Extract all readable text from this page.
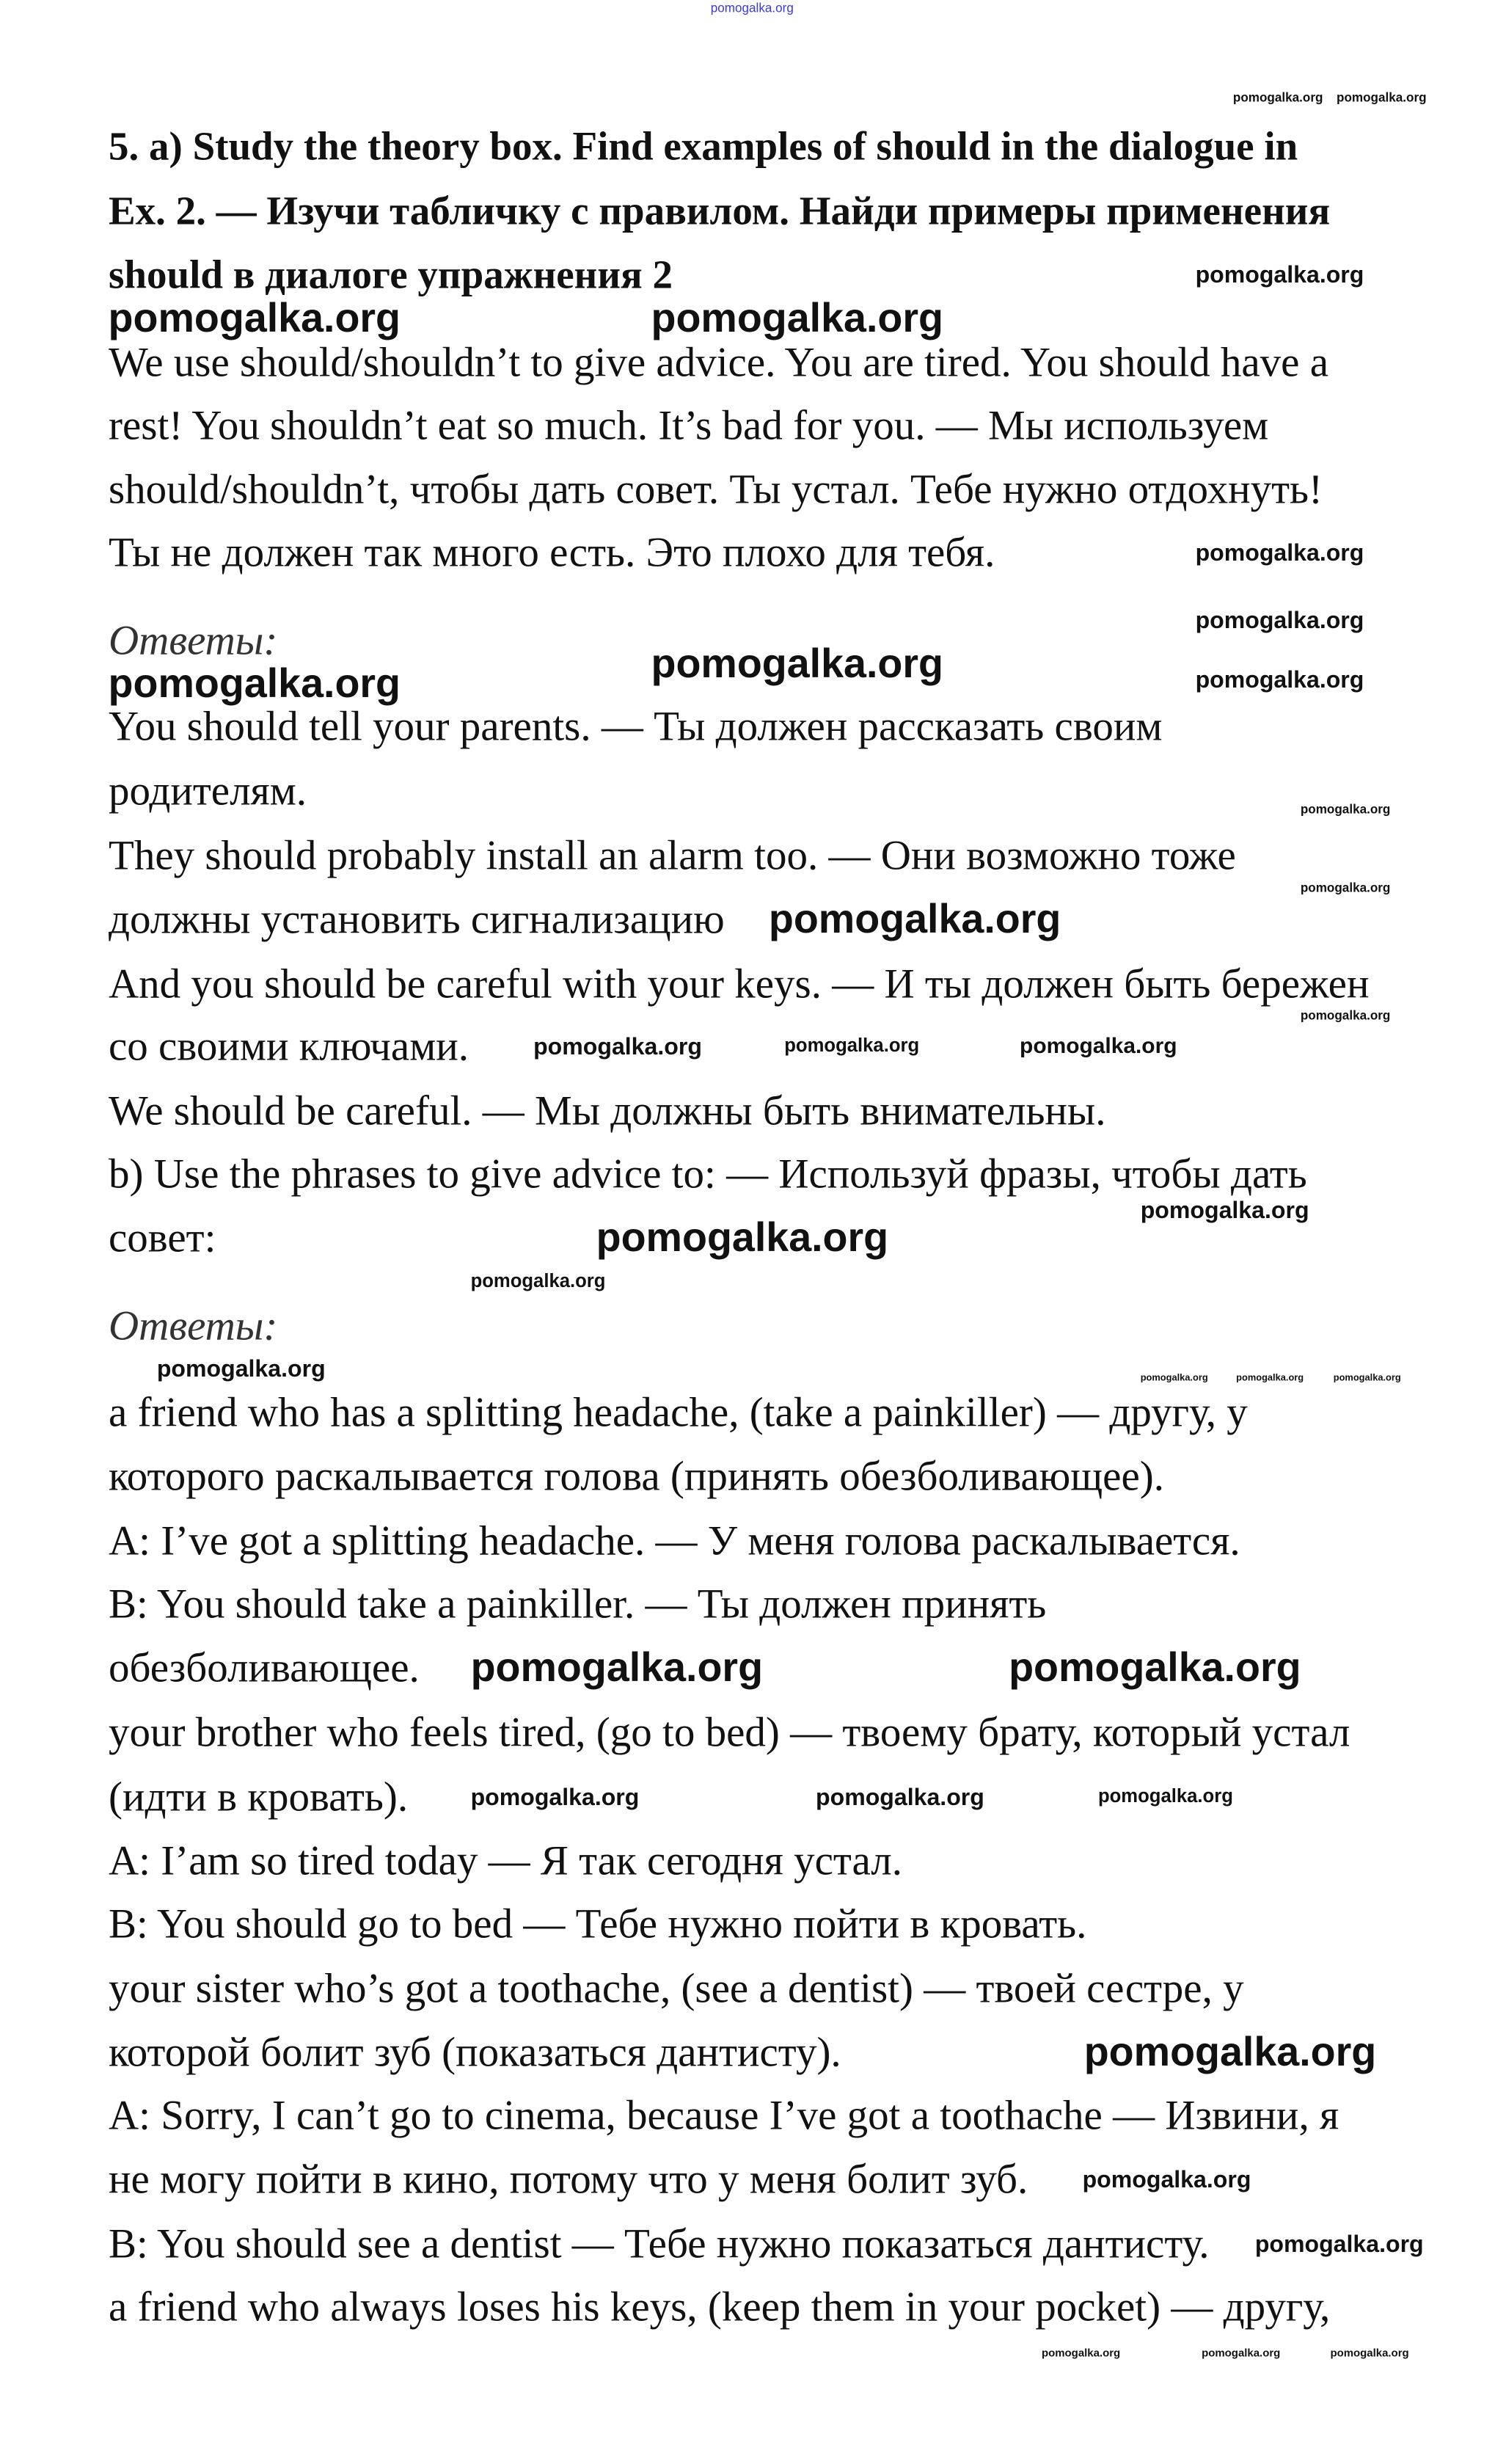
5. a) Study the theory box. Find examples of should in the dialogue in
Ex. 2. — Изучи табличку с правилом. Найди примеры применения
should в диалоге упражнения 2
We use should/shouldn’t to give advice. You are tired. You should have a
rest! You shouldn’t eat so much. It’s bad for you. — Мы используем
should/shouldn’t, чтобы дать совет. Ты устал. Тебе нужно отдохнуть!
Ты не должен так много есть. Это плохо для тебя.
Ответы:
You should tell your parents. — Ты должен рассказать своим
родителям.
They should probably install an alarm too. — Они возможно тоже
должны установить сигнализацию
And you should be careful with your keys. — И ты должен быть бережен
со своими ключами.
We should be careful. — Мы должны быть внимательны.
b) Use the phrases to give advice to: — Используй фразы, чтобы дать
совет:
Ответы:
a friend who has a splitting headache, (take a painkiller) — другу, у
которого раскалывается голова (принять обезболивающее).
A: I’ve got a splitting headache. — У меня голова раскалывается.
B: You should take a painkiller. — Ты должен принять
обезболивающее.
your brother who feels tired, (go to bed) — твоему брату, который устал
(идти в кровать).
A: I’am so tired today — Я так сегодня устал.
B: You should go to bed — Тебе нужно пойти в кровать.
your sister who’s got a toothache, (see a dentist) — твоей сестре, у
которой болит зуб (показаться дантисту).
A: Sorry, I can’t go to cinema, because I’ve got a toothache — Извини, я
не могу пойти в кино, потому что у меня болит зуб.
B: You should see a dentist — Тебе нужно показаться дантисту.
a friend who always loses his keys, (keep them in your pocket) — другу,
pomogalka.org
pomogalka.org	pomogalka.org
pomogalka.org	pomogalka.org
pomogalka.org
pomogalka.org
pomogalka.org	pomogalka.org
pomogalka.org
pomogalka.org
pomogalka.org
pomogalka.org
pomogalka.org
pomogalka.org
pomogalka.org
pomogalka.org
pomogalka.org	pomogalka.org
pomogalka.org
pomogalka.org
pomogalka.org	pomogalka.org
pomogalka.org
pomogalka.org
pomogalka.org pomogalka.org
pomogalka.org
pomogalka.org
pomogalka.org
pomogalka.org	pomogalka.org	pomogalka.org
pomogalka.org	pomogalka.org	pomogalka.org
